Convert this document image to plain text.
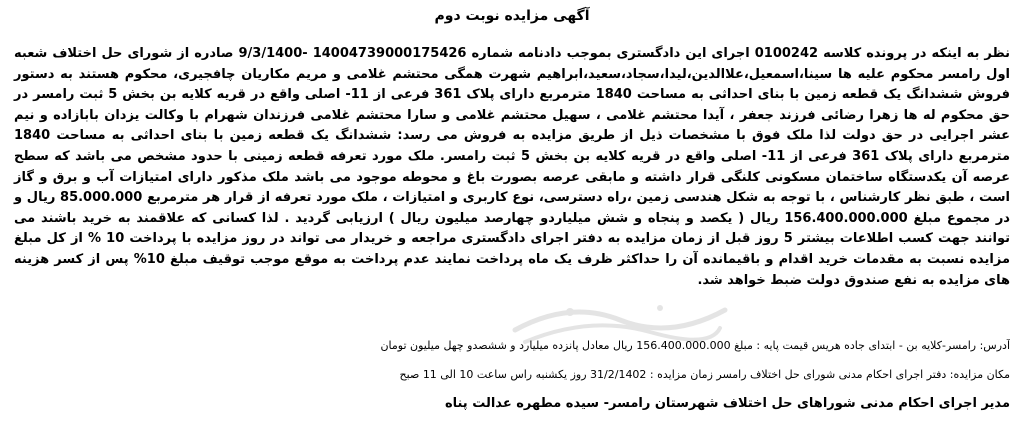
آگهی مزایده نوبت دوم

نظر به اینکه در پرونده کلاسه 0100242 اجرای این دادگستری بموجب دادنامه شماره 14004739000175426 -9/3/1400 صادره از شورای حل اختلاف شعبه اول رامسر محکوم علیه ها سینا،اسمعیل،علاالدین،لیدا،سجاد،سعید،ابراهیم شهرت همگی محتشم غلامی و مریم مکاریان چافجیری، محکوم هستند به دستور فروش ششدانگ یک قطعه زمین با بنای احداثی به مساحت 1840 مترمربع دارای پلاک 361 فرعی از 11- اصلی واقع در قریه کلایه بن بخش 5 ثبت رامسر در حق محکوم له ها زهرا رضائی فرزند جعفر ، آیدا محتشم غلامی ، سهیل محتشم غلامی و سارا محتشم غلامی فرزندان شهرام با وکالت یزدان بابازاده و نیم عشر اجرایی در حق دولت لذا ملک فوق با مشخصات ذیل از طریق مزایده به فروش می رسد: ششدانگ یک قطعه زمین با بنای احداثی به مساحت 1840 مترمربع دارای پلاک 361 فرعی از 11- اصلی واقع در قریه کلایه بن بخش 5 ثبت رامسر. ملک مورد تعرفه قطعه زمینی با حدود مشخص می باشد که سطح عرصه آن یکدستگاه ساختمان مسکونی کلنگی قرار داشته و مابقی عرصه بصورت باغ و محوطه موجود می باشد ملک مذکور دارای امتیازات آب و برق و گاز است ، طبق نظر کارشناس ، با توجه به شکل هندسی زمین ،راه دسترسی، نوع کاربری و امتیازات ، ملک مورد تعرفه از قرار هر مترمربع 85.000.000 ریال و در مجموع مبلغ 156.400.000.000 ریال ( یکصد و پنجاه و شش میلیاردو چهارصد میلیون ریال ) ارزیابی گردید . لذا کسانی که علاقمند به خرید باشند می توانند جهت کسب اطلاعات بیشتر 5 روز قبل از زمان مزایده به دفتر اجرای دادگستری مراجعه و خریدار می تواند در روز مزایده با پرداخت 10 % از کل مبلغ مزایده نسبت به مقدمات خرید اقدام و باقیمانده آن را حداکثر ظرف یک ماه پرداخت نمایند عدم پرداخت به موقع موجب توقیف مبلغ 10% پس از کسر هزینه های مزایده به نفع صندوق دولت ضبط خواهد شد.

آدرس: رامسر-کلایه بن - ابتدای جاده هریس قیمت پایه : مبلغ 156.400.000.000 ریال معادل پانزده میلیارد و ششصدو چهل میلیون تومان
مکان مزایده: دفتر اجرای احکام مدنی شورای حل اختلاف رامسر زمان مزایده : 31/2/1402 روز یکشنبه راس ساعت 10 الی 11 صبح
مدیر اجرای احکام مدنی شوراهای حل اختلاف شهرستان رامسر- سیده مطهره عدالت پناه
